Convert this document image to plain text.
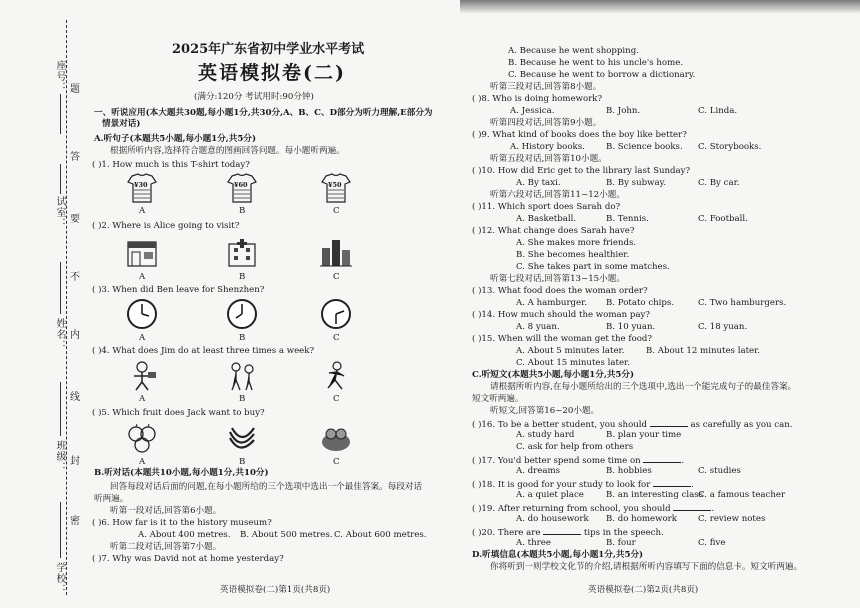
座号： 题
答
试室： 要
不
姓名： 内
线
班级： 封
密
学校：
2025年广东省初中学业水平考试
英语模拟卷(二)
(满分:120分 考试用时:90分钟)
一、听说应用(本大题共30题,每小题1分,共30分,A、B、C、D部分为听力理解,E部分为
情景对话)
A.听句子(本题共5小题,每小题1分,共5分)
根据所听内容,选择符合题意的图画回答问题。每小题听两遍。
( )1. How much is this T-shirt today?
¥30	¥60	¥50
A	B	C
( )2. Where is Alice going to visit?
A	B	C
( )3. When did Ben leave for Shenzhen?
A	B	C
( )4. What does Jim do at least three times a week?
A	B	C
( )5. Which fruit does Jack want to buy?
A	B	C
B.听对话(本题共10小题,每小题1分,共10分)
回答每段对话后面的问题,在每小题所给的三个选项中选出一个最佳答案。每段对话
听两遍。
听第一段对话,回答第6小题。
( )6. How far is it to the history museum?
A. About 400 metres. B. About 500 metres. C. About 600 metres.
听第二段对话,回答第7小题。
( )7. Why was David not at home yesterday?
英语模拟卷(二)第1页(共8页)
A. Because he went shopping.
B. Because he went to his uncle's home.
C. Because he went to borrow a dictionary.
听第三段对话,回答第8小题。
( )8. Who is doing homework?
A. Jessica.	B. John.	C. Linda.
听第四段对话,回答第9小题。
( )9. What kind of books does the boy like better?
A. History books. B. Science books. C. Storybooks.
听第五段对话,回答第10小题。
( )10. How did Eric get to the library last Sunday?
A. By taxi.	B. By subway.	C. By car.
听第六段对话,回答第11~12小题。
( )11. Which sport does Sarah do?
A. Basketball.	B. Tennis.	C. Football.
( )12. What change does Sarah have?
A. She makes more friends.
B. She becomes healthier.
C. She takes part in some matches.
听第七段对话,回答第13~15小题。
( )13. What food does the woman order?
A. A hamburger. B. Potato chips.	C. Two hamburgers.
( )14. How much should the woman pay?
A. 8 yuan.	B. 10 yuan.	C. 18 yuan.
( )15. When will the woman get the food?
A. About 5 minutes later.	B. About 12 minutes later.
C. About 15 minutes later.
C.听短文(本题共5小题,每小题1分,共5分)
请根据所听内容,在每小题所给出的三个选项中,选出一个能完成句子的最佳答案。
短文听两遍。
听短文,回答第16~20小题。
( )16. To be a better student, you should	as carefully as you can.
A. study hard	B. plan your time
C. ask for help from others
( )17. You'd better spend some time on	.
A. dreams	B. hobbies	C. studies
( )18. It is good for your study to look for	.
A. a quiet place	B. an interesting class
C. a famous teacher
( )19. After returning from school, you should	.
A. do housework B. do homework C. review notes
( )20. There are	tips in the speech.
A. three	B. four	C. five
D.听填信息(本题共5小题,每小题1分,共5分)
你将听到一则学校文化节的介绍,请根据所听内容填写下面的信息卡。短文听两遍。
英语模拟卷(二)第2页(共8页)
